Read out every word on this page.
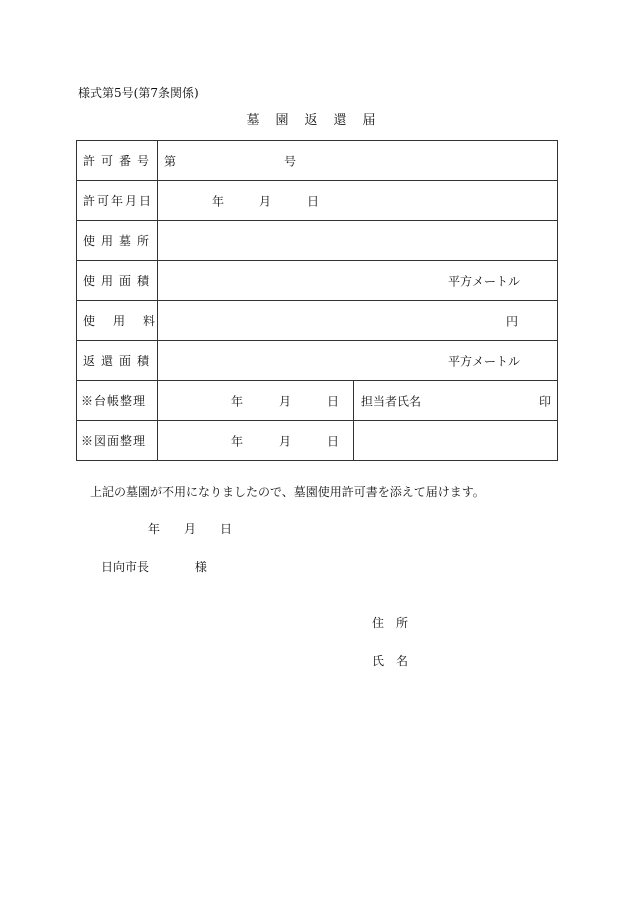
様式第5号(第7条関係)
墓園返還届
許可番号	第 号	

許可年月日	年 月 日	

使用墓所		

使用面積	平方メートル	

使用料	円	

返還面積	平方メートル	

※台帳整理	年 月 日	担当者氏名 印

※図面整理	年 月 日	

上記の墓園が不用になりましたので、墓園使用許可書を添えて届けます。
年 月 日
日向市長	様
住所
氏名
